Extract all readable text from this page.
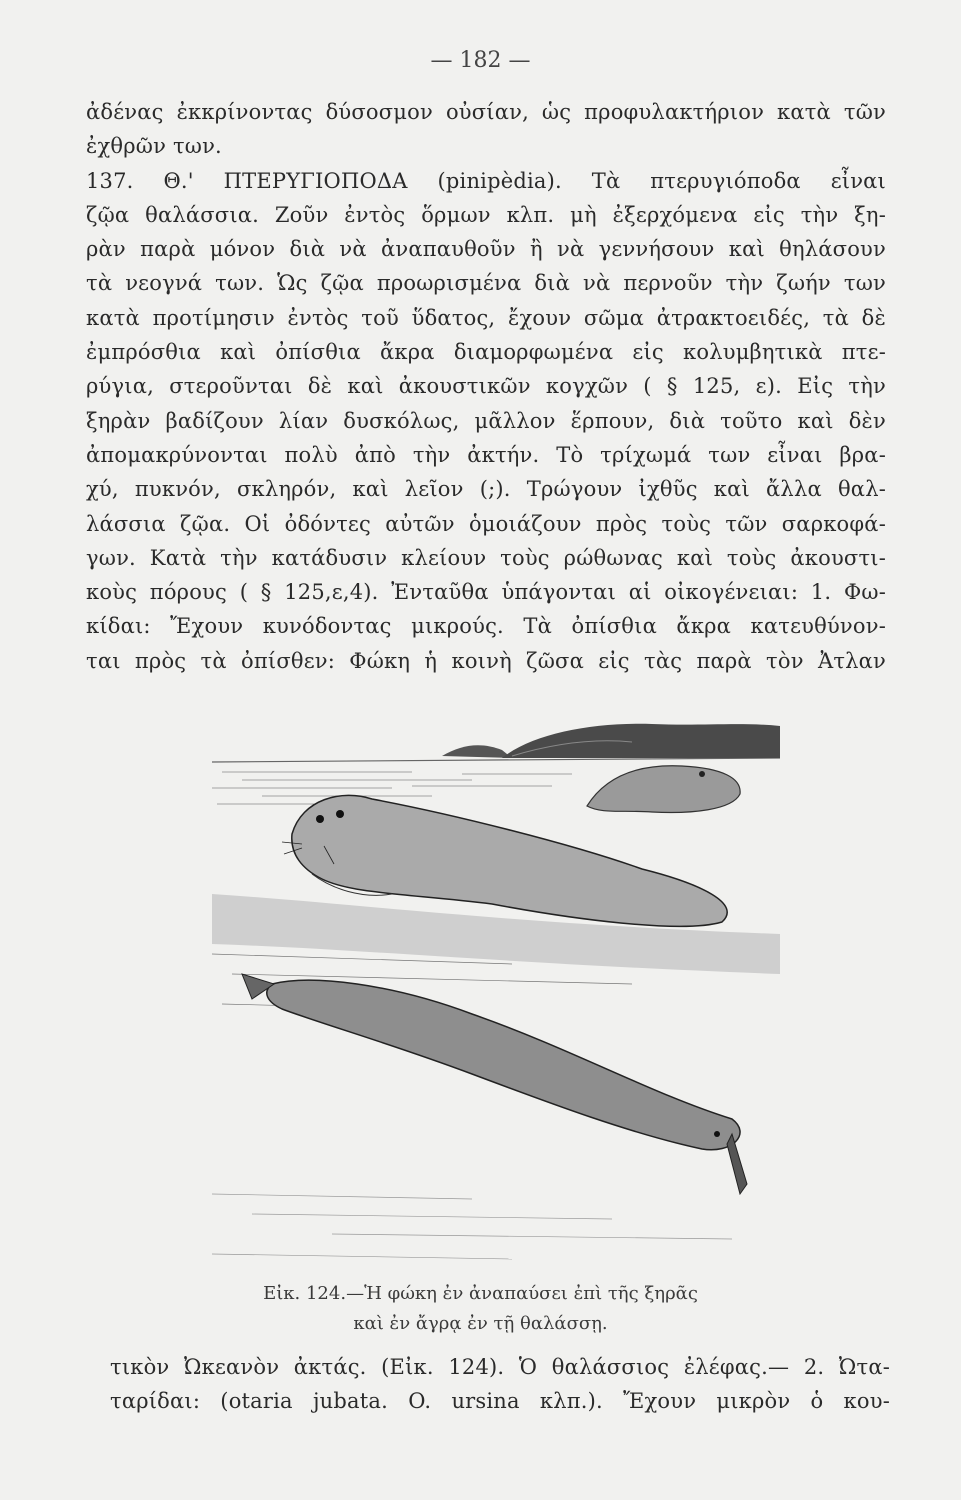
— 182 —
ἀδένας ἐκκρίνοντας δύσοσμον οὐσίαν, ὡς προφυλακτήριον κατὰ τῶν
ἐχθρῶν των.
137. Θ.' ΠΤΕΡΥΓΙΟΠΟΔΑ (pinipèdia). Τὰ πτερυγιόποδα εἶναι
ζῷα θαλάσσια. Ζοῦν ἐντὸς ὅρμων κλπ. μὴ ἐξερχόμενα εἰς τὴν ξη-
ρὰν παρὰ μόνον διὰ νὰ ἀναπαυθοῦν ἢ νὰ γεννήσουν καὶ θηλάσουν
τὰ νεογνά των. Ὡς ζῷα προωρισμένα διὰ νὰ περνοῦν τὴν ζωήν των
κατὰ προτίμησιν ἐντὸς τοῦ ὕδατος, ἔχουν σῶμα ἀτρακτοειδές, τὰ δὲ
ἐμπρόσθια καὶ ὀπίσθια ἄκρα διαμορφωμένα εἰς κολυμβητικὰ πτε-
ρύγια, στεροῦνται δὲ καὶ ἀκουστικῶν κογχῶν ( § 125, ε). Εἰς τὴν
ξηρὰν βαδίζουν λίαν δυσκόλως, μᾶλλον ἕρπουν, διὰ τοῦτο καὶ δὲν
ἀπομακρύνονται πολὺ ἀπὸ τὴν ἀκτήν. Τὸ τρίχωμά των εἶναι βρα-
χύ, πυκνόν, σκληρόν, καὶ λεῖον (;). Τρώγουν ἰχθῦς καὶ ἄλλα θαλ-
λάσσια ζῷα. Οἱ ὀδόντες αὐτῶν ὁμοιάζουν πρὸς τοὺς τῶν σαρκοφά-
γων. Κατὰ τὴν κατάδυσιν κλείουν τοὺς ρώθωνας καὶ τοὺς ἀκουστι-
κοὺς πόρους ( § 125,ε,4). Ἐνταῦθα ὑπάγονται αἱ οἰκογένειαι: 1. Φω-
κίδαι: Ἔχουν κυνόδοντας μικρούς. Τὰ ὀπίσθια ἄκρα κατευθύνον-
ται πρὸς τὰ ὀπίσθεν: Φώκη ἡ κοινὴ ζῶσα εἰς τὰς παρὰ τὸν Ἀτλαν
Εἰκ. 124.—Ἡ φώκη ἐν ἀναπαύσει ἐπὶ τῆς ξηρᾶς
καὶ ἐν ἄγρᾳ ἐν τῇ θαλάσσῃ.
τικὸν Ὠκεανὸν ἀκτάς. (Εἰκ. 124). Ὁ θαλάσσιος ἐλέφας.— 2. Ὠτα-
ταρίδαι: (otaria jubata. O. ursina κλπ.). Ἔχουν μικρὸν ὁ κου-
